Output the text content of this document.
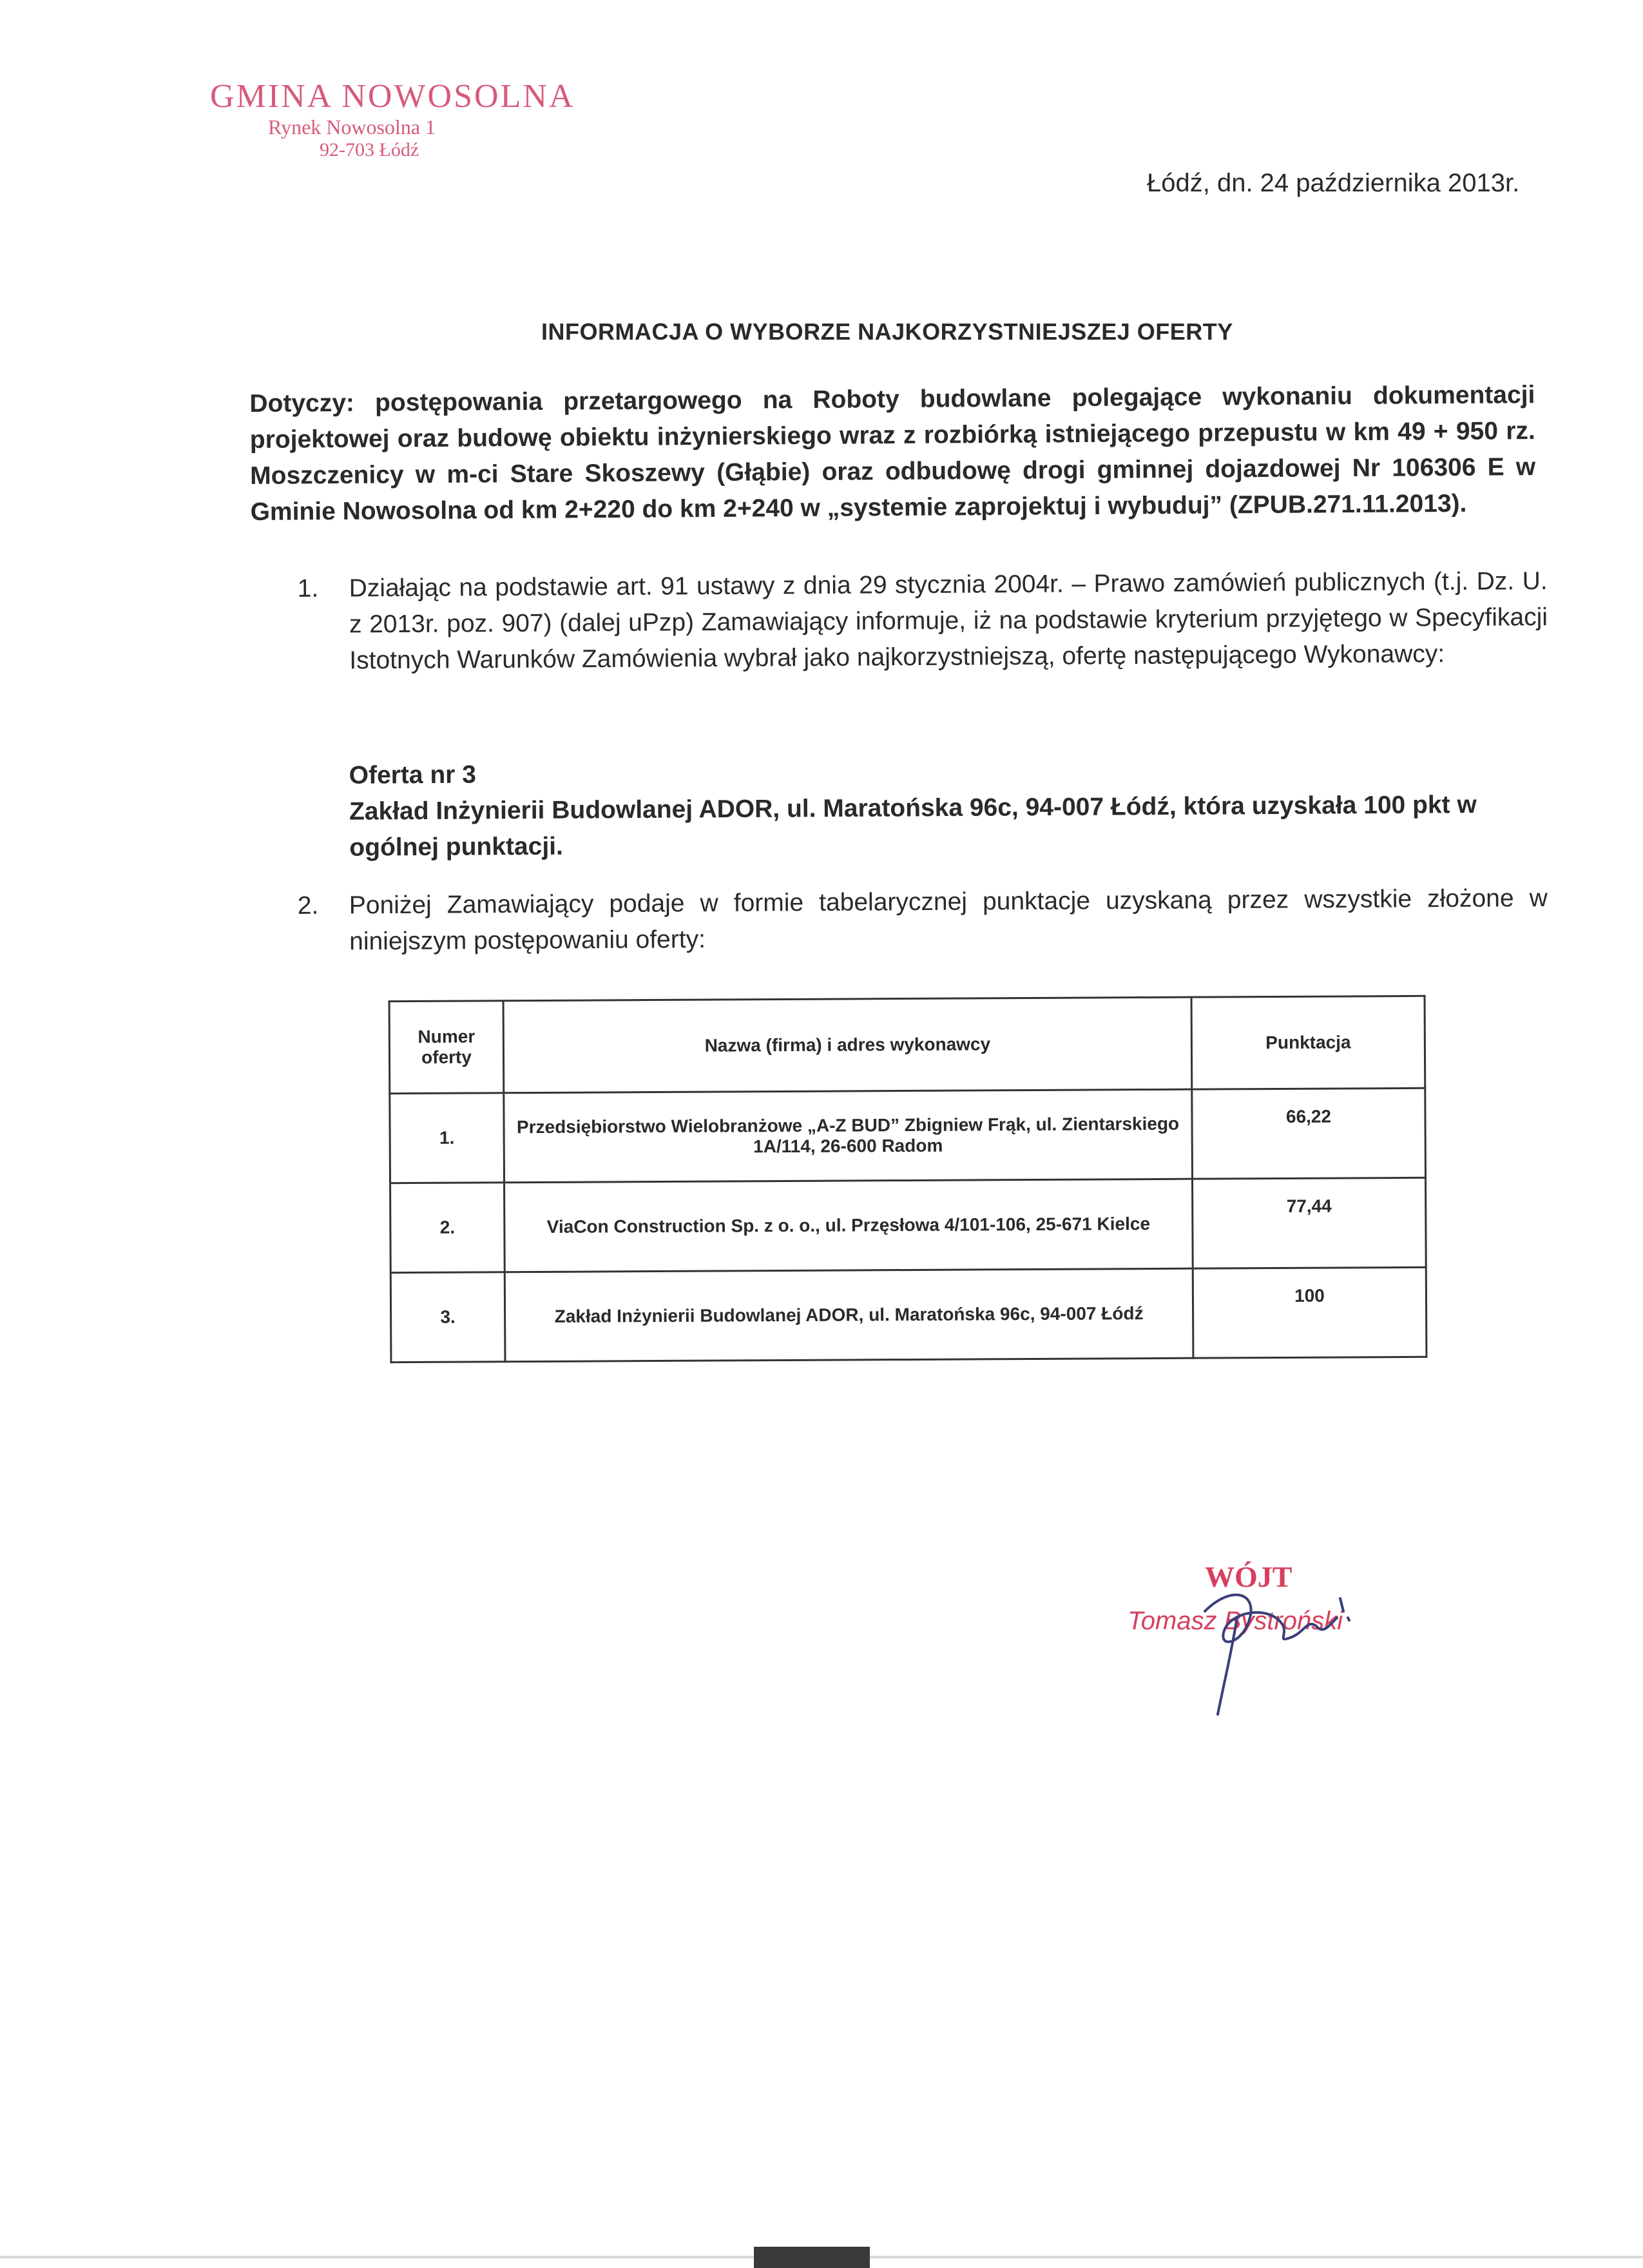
GMINA NOWOSOLNA
Rynek Nowosolna 1
92-703 Łódź
Łódź, dn. 24 października 2013r.
INFORMACJA O WYBORZE NAJKORZYSTNIEJSZEJ OFERTY
Dotyczy: postępowania przetargowego na Roboty budowlane polegające wykonaniu dokumentacji projektowej oraz budowę obiektu inżynierskiego wraz z rozbiórką istniejącego przepustu w km 49 + 950 rz. Moszczenicy w m-ci Stare Skoszewy (Głąbie) oraz odbudowę drogi gminnej dojazdowej Nr 106306 E w Gminie Nowosolna od km 2+220 do km 2+240 w „systemie zaprojektuj i wybuduj” (ZPUB.271.11.2013).
1. Działając na podstawie art. 91 ustawy z dnia 29 stycznia 2004r. – Prawo zamówień publicznych (t.j. Dz. U. z 2013r. poz. 907) (dalej uPzp) Zamawiający informuje, iż na podstawie kryterium przyjętego w Specyfikacji Istotnych Warunków Zamówienia wybrał jako najkorzystniejszą, ofertę następującego Wykonawcy:

Oferta nr 3

Zakład Inżynierii Budowlanej ADOR, ul. Maratońska 96c, 94-007 Łódź, która uzyskała 100 pkt w ogólnej punktacji.

2. Poniżej Zamawiający podaje w formie tabelarycznej punktacje uzyskaną przez wszystkie złożone w niniejszym postępowaniu oferty:
Numer oferty	Nazwa (firma) i adres wykonawcy	Punktacja
1.	Przedsiębiorstwo Wielobranżowe „A-Z BUD” Zbigniew Frąk, ul. Zientarskiego 1A/114, 26-600 Radom	66,22
2.	ViaCon Construction Sp. z o. o., ul. Przęsłowa 4/101-106, 25-671 Kielce	77,44
3.	Zakład Inżynierii Budowlanej ADOR, ul. Maratońska 96c, 94-007 Łódź	100
WÓJT
Tomasz Bystroński
